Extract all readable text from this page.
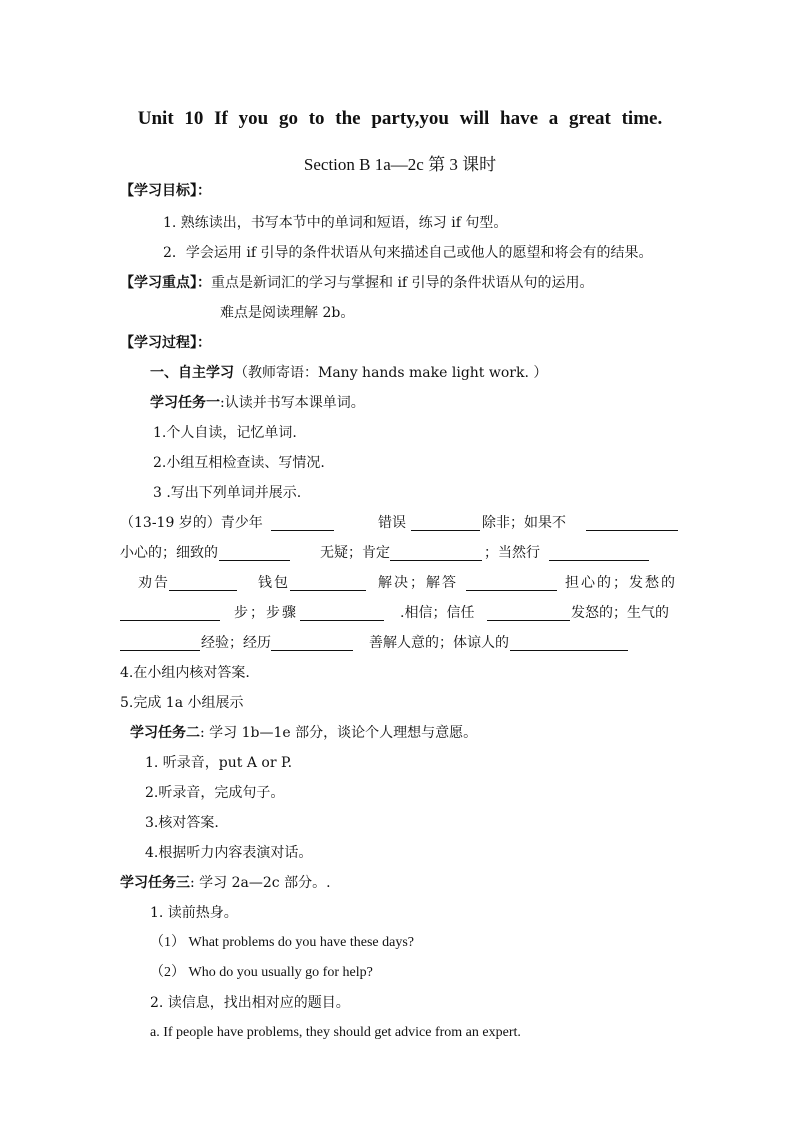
Unit 10 If you go to the party,you will have a great time.
Section B 1a—2c 第 3 课时
【学习目标】：
1. 熟练读出，书写本节中的单词和短语，练习 if 句型。
2．学会运用 if 引导的条件状语从句来描述自己或他人的愿望和将会有的结果。
【学习重点】：重点是新词汇的学习与掌握和 if 引导的条件状语从句的运用。
难点是阅读理解 2b。
【学习过程】：
一、自主学习（教师寄语：Many hands make light work. ）
学习任务一:认读并书写本课单词。
1.个人自读，记忆单词.
2.小组互相检查读、写情况.
3 .写出下列单词并展示.
（13-19 岁的）青少年	错误	除非；如果不
小心的；细致的	无疑；肯定	；当然行
劝告	钱包	解决；解答	担心的；发愁的
步；步骤	.相信；信任	发怒的；生气的
经验；经历	善解人意的；体谅人的
4.在小组内核对答案.
5.完成 1a 小组展示
学习任务二: 学习 1b—1e 部分，谈论个人理想与意愿。
1. 听录音，put A or P.
2.听录音，完成句子。
3.核对答案.
4.根据听力内容表演对话。
学习任务三: 学习 2a—2c 部分。.
1. 读前热身。
（1） What problems do you have these days?
（2） Who do you usually go for help?
2. 读信息，找出相对应的题目。
a. If people have problems, they should get advice from an expert.
